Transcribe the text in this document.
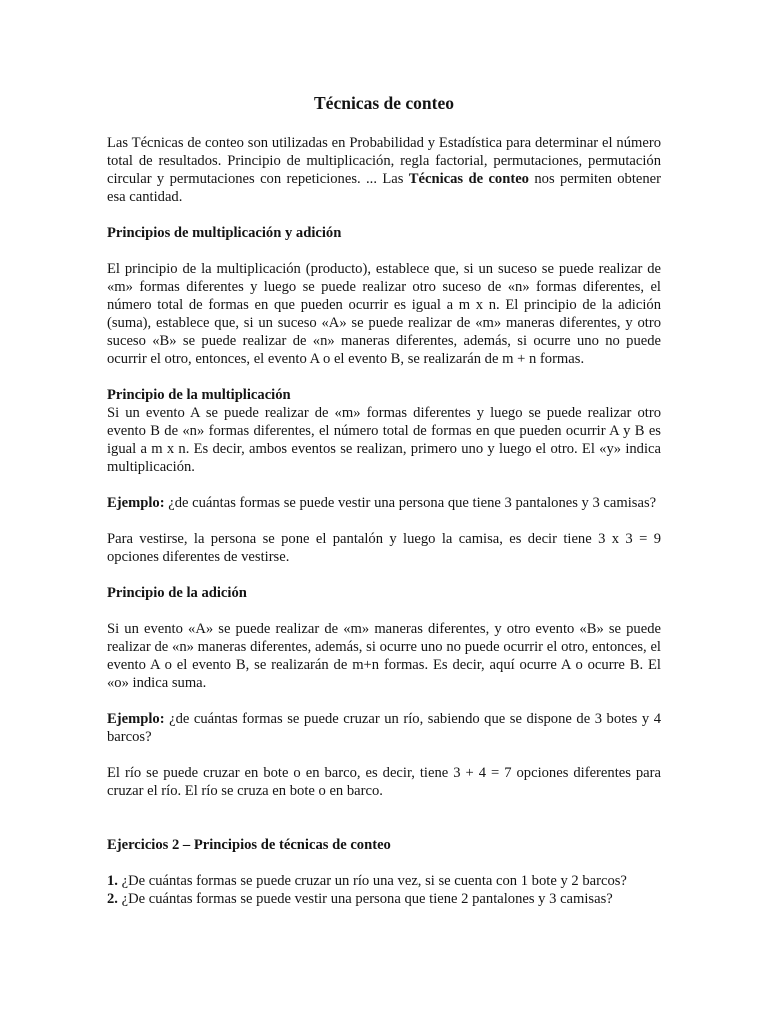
Técnicas de conteo

Las Técnicas de conteo son utilizadas en Probabilidad y Estadística para determinar el número total de resultados. Principio de multiplicación, regla factorial, permutaciones, permutación circular y permutaciones con repeticiones. ... Las Técnicas de conteo nos permiten obtener esa cantidad.

Principios de multiplicación y adición

El principio de la multiplicación (producto), establece que, si un suceso se puede realizar de «m» formas diferentes y luego se puede realizar otro suceso de «n» formas diferentes, el número total de formas en que pueden ocurrir es igual a m x n. El principio de la adición (suma), establece que, si un suceso «A» se puede realizar de «m» maneras diferentes, y otro suceso «B» se puede realizar de «n» maneras diferentes, además, si ocurre uno no puede ocurrir el otro, entonces, el evento A o el evento B, se realizarán de m + n formas.

Principio de la multiplicación

Si un evento A se puede realizar de «m» formas diferentes y luego se puede realizar otro evento B de «n» formas diferentes, el número total de formas en que pueden ocurrir A y B es igual a m x n. Es decir, ambos eventos se realizan, primero uno y luego el otro. El «y» indica multiplicación.

Ejemplo: ¿de cuántas formas se puede vestir una persona que tiene 3 pantalones y 3 camisas?

Para vestirse, la persona se pone el pantalón y luego la camisa, es decir tiene 3 x 3 = 9 opciones diferentes de vestirse.

Principio de la adición

Si un evento «A» se puede realizar de «m» maneras diferentes, y otro evento «B» se puede realizar de «n» maneras diferentes, además, si ocurre uno no puede ocurrir el otro, entonces, el evento A o el evento B, se realizarán de m+n formas. Es decir, aquí ocurre A o ocurre B. El «o» indica suma.

Ejemplo: ¿de cuántas formas se puede cruzar un río, sabiendo que se dispone de 3 botes y 4 barcos?

El río se puede cruzar en bote o en barco, es decir, tiene 3 + 4 = 7 opciones diferentes para cruzar el río. El río se cruza en bote o en barco.

Ejercicios 2 – Principios de técnicas de conteo

1. ¿De cuántas formas se puede cruzar un río una vez, si se cuenta con 1 bote y 2 barcos?

2. ¿De cuántas formas se puede vestir una persona que tiene 2 pantalones y 3 camisas?
